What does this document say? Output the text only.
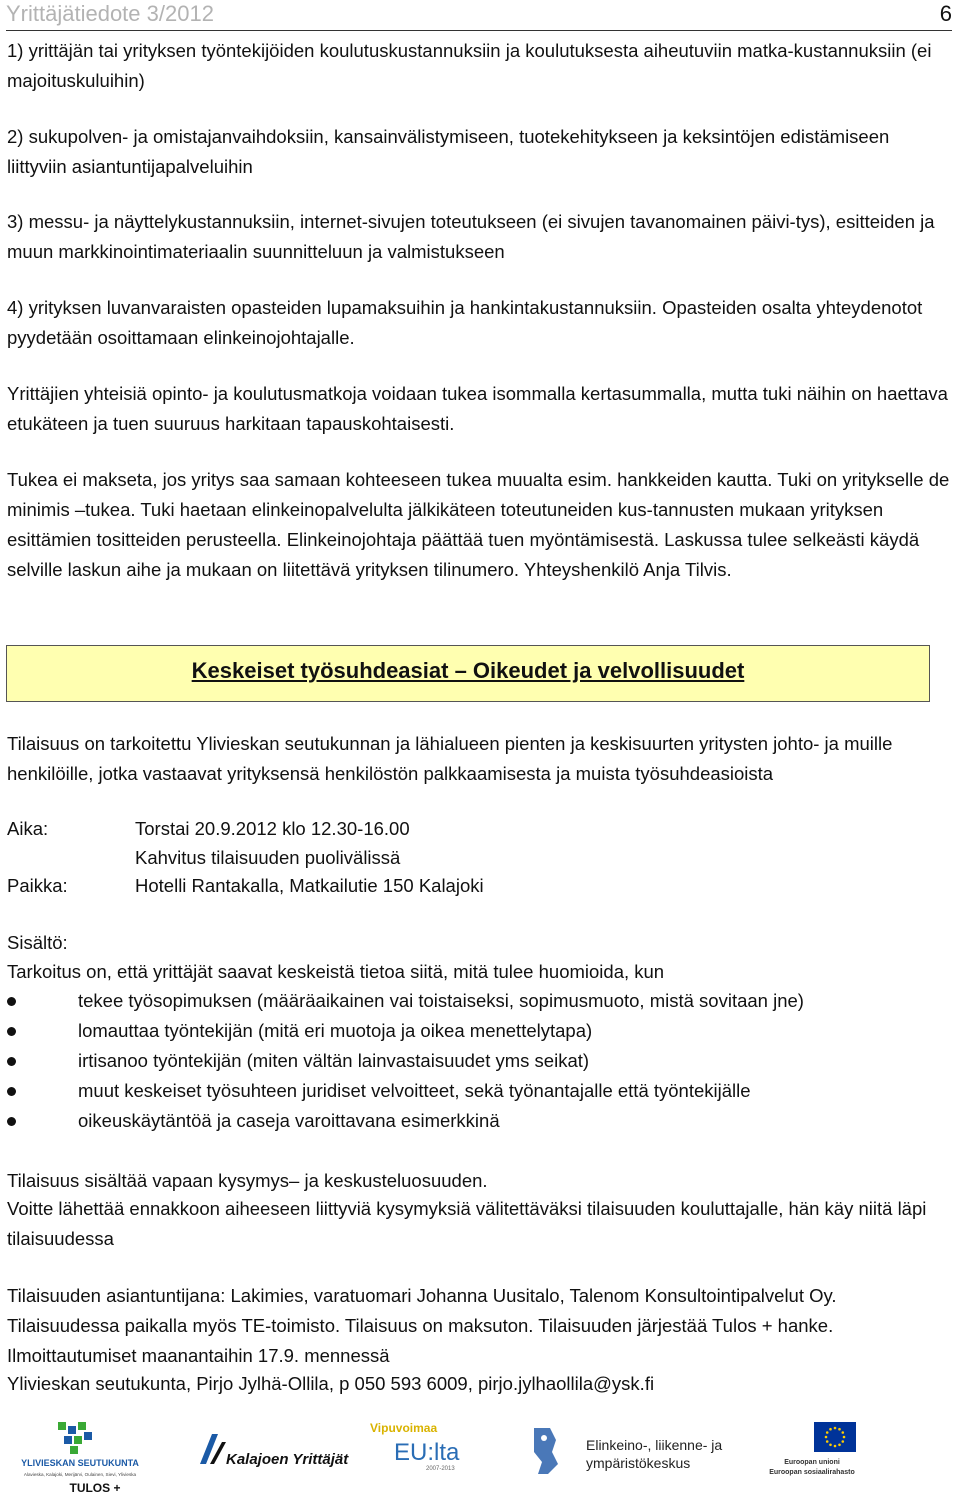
Yrittäjätiedote 3/2012	6

1) yrittäjän tai yrityksen työntekijöiden koulutuskustannuksiin ja koulutuksesta aiheutuviin matka-kustannuksiin (ei majoituskuluihin)

2) sukupolven- ja omistajanvaihdoksiin, kansainvälistymiseen, tuotekehitykseen ja keksintöjen edistämiseen liittyviin asiantuntijapalveluihin

3) messu- ja näyttelykustannuksiin, internet-sivujen toteutukseen (ei sivujen tavanomainen päivi-tys), esitteiden ja muun markkinointimateriaalin suunnitteluun ja valmistukseen

4) yrityksen luvanvaraisten opasteiden lupamaksuihin ja hankintakustannuksiin. Opasteiden osalta yhteydenotot pyydetään osoittamaan elinkeinojohtajalle.

Yrittäjien yhteisiä opinto- ja koulutusmatkoja voidaan tukea isommalla kertasummalla, mutta tuki näihin on haettava etukäteen ja tuen suuruus harkitaan tapauskohtaisesti.

Tukea ei makseta, jos yritys saa samaan kohteeseen tukea muualta esim. hankkeiden kautta. Tuki on yritykselle de minimis –tukea. Tuki haetaan elinkeinopalvelulta jälkikäteen toteutuneiden kus-tannusten mukaan yrityksen esittämien tositteiden perusteella. Elinkeinojohtaja päättää tuen myöntämisestä. Laskussa tulee selkeästi käydä selville laskun aihe ja mukaan on liitettävä yrityksen tilinumero. Yhteyshenkilö Anja Tilvis.

Keskeiset työsuhdeasiat – Oikeudet ja velvollisuudet

Tilaisuus on tarkoitettu Ylivieskan seutukunnan ja lähialueen pienten ja keskisuurten yritysten johto- ja muille henkilöille, jotka vastaavat yrityksensä henkilöstön palkkaamisesta ja muista työsuhdeasioista

Aika:	Torstai 20.9.2012 klo 12.30-16.00
Kahvitus tilaisuuden puolivälissä
Paikka:	Hotelli Rantakalla, Matkailutie 150 Kalajoki
Sisältö:
Tarkoitus on, että yrittäjät saavat keskeistä tietoa siitä, mitä tulee huomioida, kun
tekee työsopimuksen (määräaikainen vai toistaiseksi, sopimusmuoto, mistä sovitaan jne)
lomauttaa työntekijän (mitä eri muotoja ja oikea menettelytapa)
irtisanoo työntekijän (miten vältän lainvastaisuudet yms seikat)
muut keskeiset työsuhteen juridiset velvoitteet, sekä työnantajalle että työntekijälle
oikeuskäytäntöä ja caseja varoittavana esimerkkinä
Tilaisuus sisältää vapaan kysymys– ja keskusteluosuuden.

Voitte lähettää ennakkoon aiheeseen liittyviä kysymyksiä välitettäväksi tilaisuuden kouluttajalle, hän käy niitä läpi tilaisuudessa

Tilaisuuden asiantuntijana: Lakimies, varatuomari Johanna Uusitalo, Talenom Konsultointipalvelut Oy. Tilaisuudessa paikalla myös TE-toimisto. Tilaisuus on maksuton. Tilaisuuden järjestää Tulos + hanke. Ilmoittautumiset maanantaihin 17.9. mennessä

Ylivieskan seutukunta, Pirjo Jylhä-Ollila, p 050 593 6009, pirjo.jylhaollila@ysk.fi
YLIVIESKAN SEUTUKUNTA
Alavieska, Kalajoki, Merijärvi, Oulainen, Sievi, Ylivieska
TULOS +
Kalajoen Yrittäjät
Vipuvoimaa
EU:lta
2007-2013
Elinkeino-, liikenne- ja
ympäristökeskus	Euroopan unioni
Euroopan sosiaalirahasto
